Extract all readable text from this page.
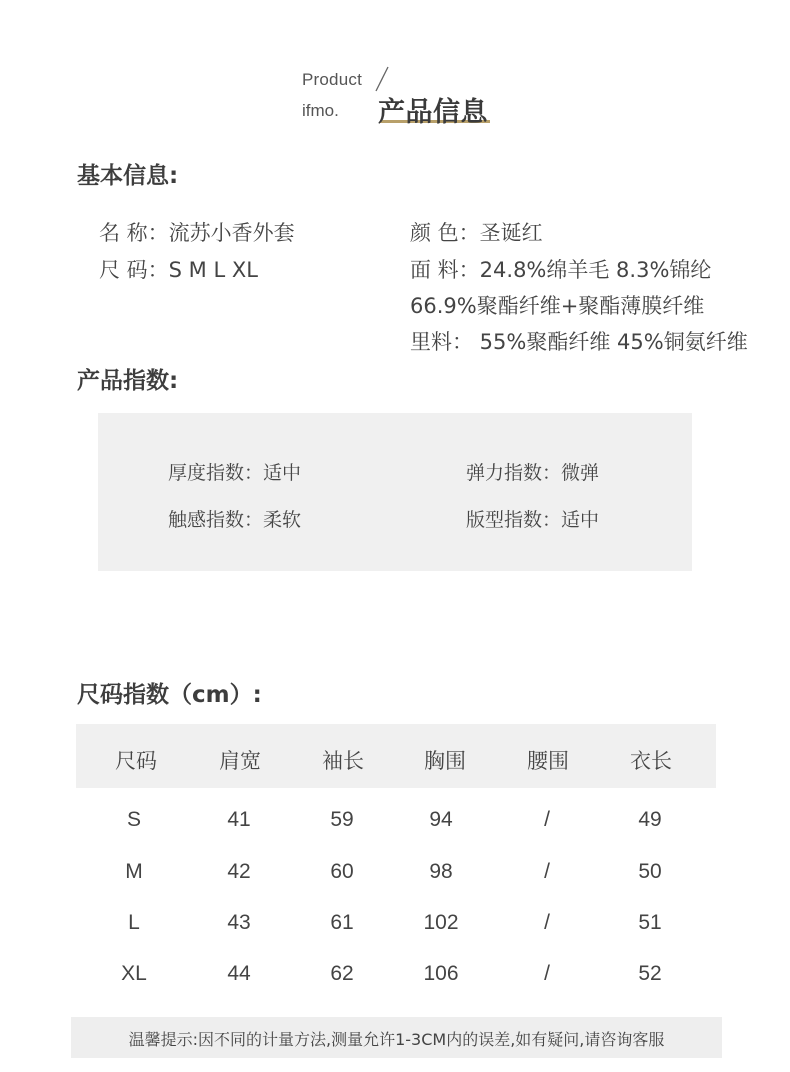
Product
ifmo. 产品信息
基本信息:
名 称：流苏小香外套	颜 色：圣诞红
尺 码：S M L XL	面 料：24.8%绵羊毛 8.3%锦纶
66.9%聚酯纤维+聚酯薄膜纤维
里料： 55%聚酯纤维 45%铜氨纤维
产品指数:
厚度指数：适中	弹力指数：微弹
触感指数：柔软	版型指数：适中
尺码指数（cm）:
尺码	肩宽	袖长	胸围	腰围	衣长
S	41	59	94	/	49
M	42	60	98	/	50
L	43	61	102	/	51
XL	44	62	106	/	52
温馨提示:因不同的计量方法,测量允许1-3CM内的误差,如有疑问,请咨询客服
